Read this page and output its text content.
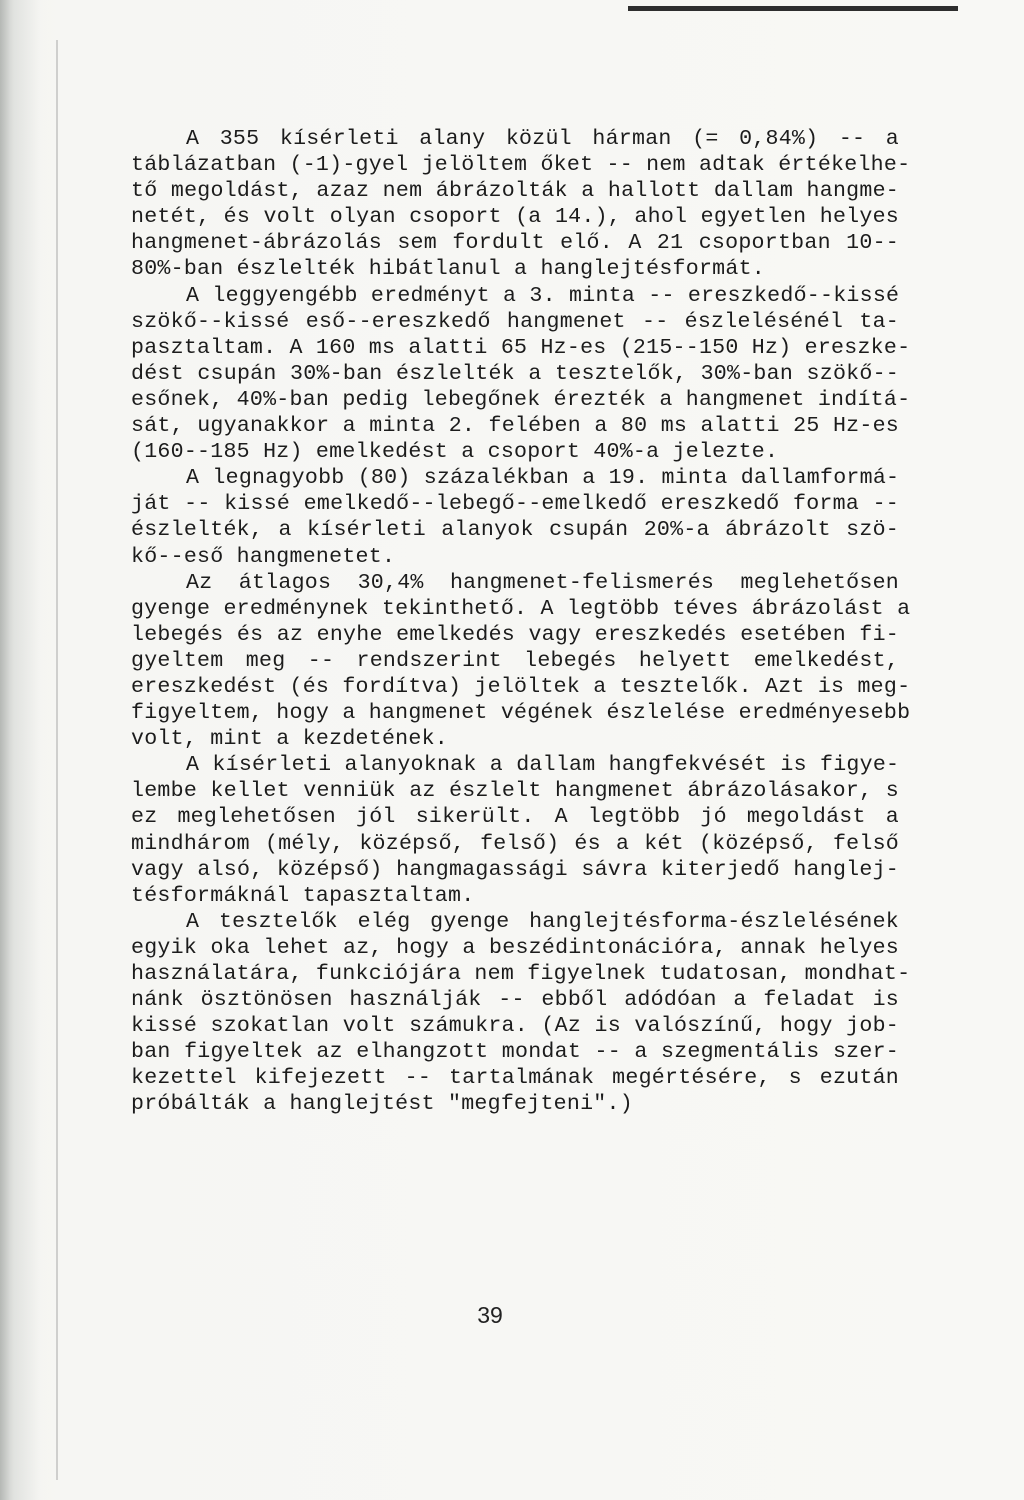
A 355 kísérleti alany közül hárman (= 0,84%) -- a
táblázatban (-1)-gyel jelöltem őket -- nem adtak értékelhe-
tő megoldást, azaz nem ábrázolták a hallott dallam hangme-
netét, és volt olyan csoport (a 14.), ahol egyetlen helyes
hangmenet-ábrázolás sem fordult elő. A 21 csoportban 10--
80%-ban észlelték hibátlanul a hanglejtésformát.
A leggyengébb eredményt a 3. minta -- ereszkedő--kissé
szökő--kissé eső--ereszkedő hangmenet -- észlelésénél ta-
pasztaltam. A 160 ms alatti 65 Hz-es (215--150 Hz) ereszke-
dést csupán 30%-ban észlelték a tesztelők, 30%-ban szökő--
esőnek, 40%-ban pedig lebegőnek érezték a hangmenet indítá-
sát, ugyanakkor a minta 2. felében a 80 ms alatti 25 Hz-es
(160--185 Hz) emelkedést a csoport 40%-a jelezte.
A legnagyobb (80) százalékban a 19. minta dallamformá-
ját -- kissé emelkedő--lebegő--emelkedő ereszkedő forma --
észlelték, a kísérleti alanyok csupán 20%-a ábrázolt szö-
kő--eső hangmenetet.
Az átlagos 30,4% hangmenet-felismerés meglehetősen
gyenge eredménynek tekinthető. A legtöbb téves ábrázolást a
lebegés és az enyhe emelkedés vagy ereszkedés esetében fi-
gyeltem meg -- rendszerint lebegés helyett emelkedést,
ereszkedést (és fordítva) jelöltek a tesztelők. Azt is meg-
figyeltem, hogy a hangmenet végének észlelése eredményesebb
volt, mint a kezdetének.
A kísérleti alanyoknak a dallam hangfekvését is figye-
lembe kellet venniük az észlelt hangmenet ábrázolásakor, s
ez meglehetősen jól sikerült. A legtöbb jó megoldást a
mindhárom (mély, középső, felső) és a két (középső, felső
vagy alsó, középső) hangmagassági sávra kiterjedő hanglej-
tésformáknál tapasztaltam.
A tesztelők elég gyenge hanglejtésforma-észlelésének
egyik oka lehet az, hogy a beszédintonációra, annak helyes
használatára, funkciójára nem figyelnek tudatosan, mondhat-
nánk ösztönösen használják -- ebből adódóan a feladat is
kissé szokatlan volt számukra. (Az is valószínű, hogy job-
ban figyeltek az elhangzott mondat -- a szegmentális szer-
kezettel kifejezett -- tartalmának megértésére, s ezután
próbálták a hanglejtést "megfejteni".)
39
